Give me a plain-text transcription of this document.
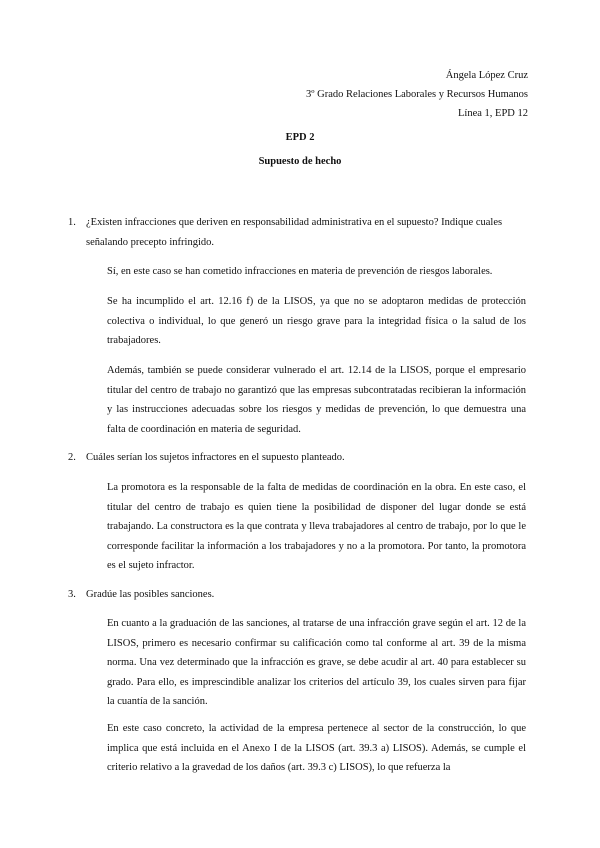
Ángela López Cruz
3º Grado Relaciones Laborales y Recursos Humanos
Línea 1, EPD 12
EPD 2
Supuesto de hecho
1. ¿Existen infracciones que deriven en responsabilidad administrativa en el supuesto? Indique cuales señalando precepto infringido.
Sí, en este caso se han cometido infracciones en materia de prevención de riesgos laborales.
Se ha incumplido el art. 12.16 f) de la LISOS, ya que no se adoptaron medidas de protección colectiva o individual, lo que generó un riesgo grave para la integridad física o la salud de los trabajadores.
Además, también se puede considerar vulnerado el art. 12.14 de la LISOS, porque el empresario titular del centro de trabajo no garantizó que las empresas subcontratadas recibieran la información y las instrucciones adecuadas sobre los riesgos y medidas de prevención, lo que demuestra una falta de coordinación en materia de seguridad.
2. Cuáles serían los sujetos infractores en el supuesto planteado.
La promotora es la responsable de la falta de medidas de coordinación en la obra. En este caso, el titular del centro de trabajo es quien tiene la posibilidad de disponer del lugar donde se está trabajando. La constructora es la que contrata y lleva trabajadores al centro de trabajo, por lo que le corresponde facilitar la información a los trabajadores y no a la promotora. Por tanto, la promotora es el sujeto infractor.
3. Gradúe las posibles sanciones.
En cuanto a la graduación de las sanciones, al tratarse de una infracción grave según el art. 12 de la LISOS, primero es necesario confirmar su calificación como tal conforme al art. 39 de la misma norma. Una vez determinado que la infracción es grave, se debe acudir al art. 40 para establecer su grado. Para ello, es imprescindible analizar los criterios del artículo 39, los cuales sirven para fijar la cuantía de la sanción.
En este caso concreto, la actividad de la empresa pertenece al sector de la construcción, lo que implica que está incluida en el Anexo I de la LISOS (art. 39.3 a) LISOS). Además, se cumple el criterio relativo a la gravedad de los daños (art. 39.3 c) LISOS), lo que refuerza la
